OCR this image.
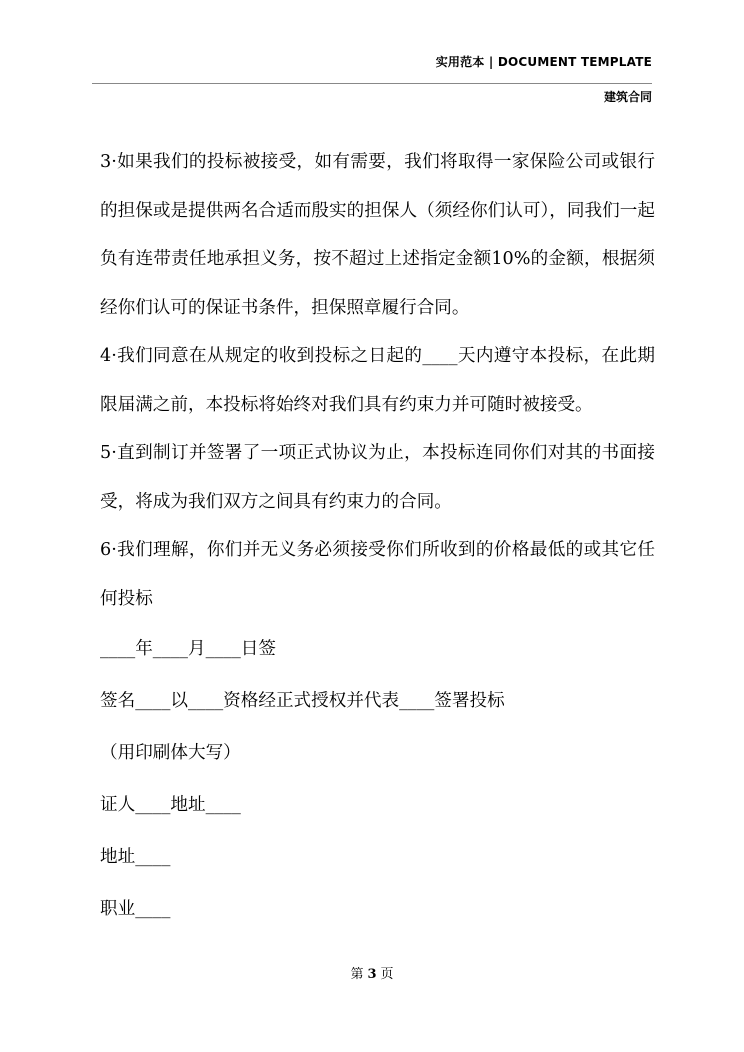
实用范本 | DOCUMENT TEMPLATE
建筑合同

3·如果我们的投标被接受，如有需要，我们将取得一家保险公司或银行的担保或是提供两名合适而殷实的担保人（须经你们认可），同我们一起负有连带责任地承担义务，按不超过上述指定金额10%的金额，根据须经你们认可的保证书条件，担保照章履行合同。

4·我们同意在从规定的收到投标之日起的____天内遵守本投标，在此期限届满之前，本投标将始终对我们具有约束力并可随时被接受。

5·直到制订并签署了一项正式协议为止，本投标连同你们对其的书面接受，将成为我们双方之间具有约束力的合同。

6·我们理解，你们并无义务必须接受你们所收到的价格最低的或其它任何投标

____年____月____日签

签名____以____资格经正式授权并代表____签署投标

（用印刷体大写）

证人____地址____

地址____

职业____

第 3 页
